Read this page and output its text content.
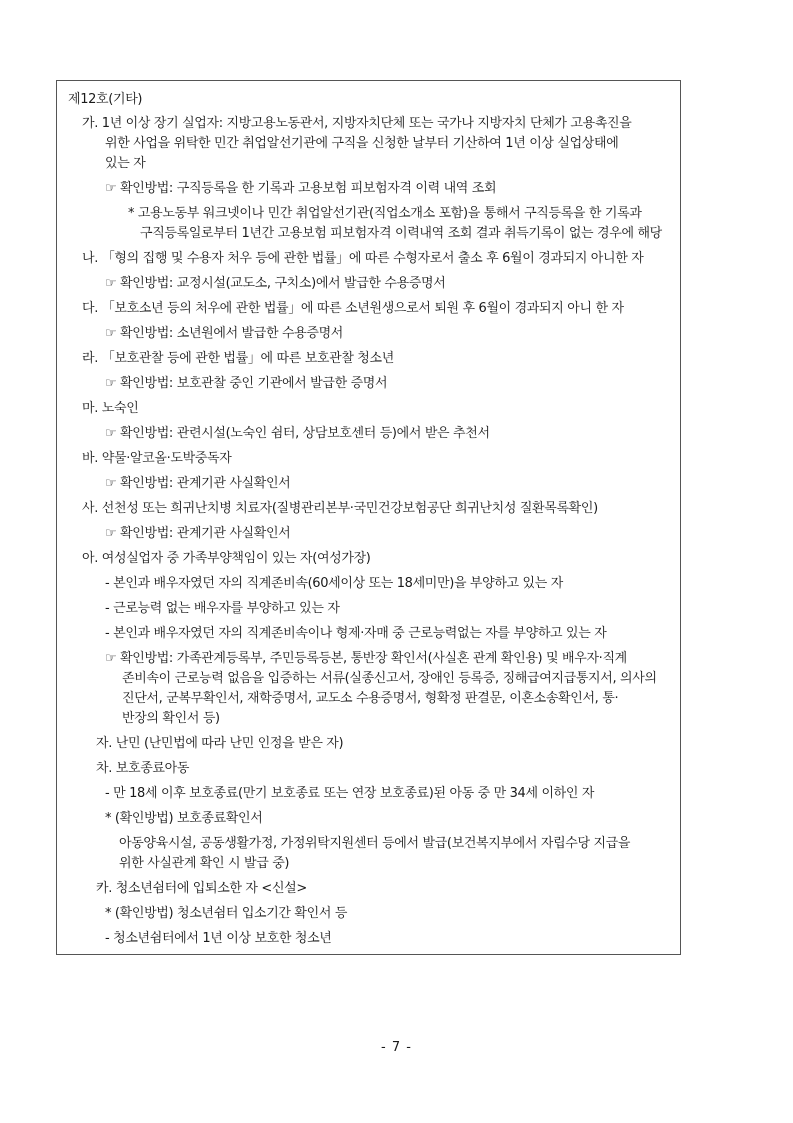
제12호(기타)
가. 1년 이상 장기 실업자: 지방고용노동관서, 지방자치단체 또는 국가나 지방자치 단체가 고용촉진을
위한 사업을 위탁한 민간 취업알선기관에 구직을 신청한 날부터 기산하여 1년 이상 실업상태에
있는 자
☞ 확인방법: 구직등록을 한 기록과 고용보험 피보험자격 이력 내역 조회
* 고용노동부 워크넷이나 민간 취업알선기관(직업소개소 포함)을 통해서 구직등록을 한 기록과
구직등록일로부터 1년간 고용보험 피보험자격 이력내역 조회 결과 취득기록이 없는 경우에 해당
나. 「형의 집행 및 수용자 처우 등에 관한 법률」에 따른 수형자로서 출소 후 6월이 경과되지 아니한 자
☞ 확인방법: 교정시설(교도소, 구치소)에서 발급한 수용증명서
다. 「보호소년 등의 처우에 관한 법률」에 따른 소년원생으로서 퇴원 후 6월이 경과되지 아니 한 자
☞ 확인방법: 소년원에서 발급한 수용증명서
라. 「보호관찰 등에 관한 법률」에 따른 보호관찰 청소년
☞ 확인방법: 보호관찰 중인 기관에서 발급한 증명서
마. 노숙인
☞ 확인방법: 관련시설(노숙인 쉼터, 상담보호센터 등)에서 받은 추천서
바. 약물·알코올·도박중독자
☞ 확인방법: 관계기관 사실확인서
사. 선천성 또는 희귀난치병 치료자(질병관리본부·국민건강보험공단 희귀난치성 질환목록확인)
☞ 확인방법: 관계기관 사실확인서
아. 여성실업자 중 가족부양책임이 있는 자(여성가장)
- 본인과 배우자였던 자의 직계존비속(60세이상 또는 18세미만)을 부양하고 있는 자
- 근로능력 없는 배우자를 부양하고 있는 자
- 본인과 배우자였던 자의 직계존비속이나 형제·자매 중 근로능력없는 자를 부양하고 있는 자
☞ 확인방법: 가족관계등록부, 주민등록등본, 통반장 확인서(사실혼 관계 확인용) 및 배우자·직계
존비속이 근로능력 없음을 입증하는 서류(실종신고서, 장애인 등록증, 징해급여지급통지서, 의사의
진단서, 군복무확인서, 재학증명서, 교도소 수용증명서, 형확정 판결문, 이혼소송확인서, 통·
반장의 확인서 등)
자. 난민 (난민법에 따라 난민 인정을 받은 자)
차. 보호종료아동
- 만 18세 이후 보호종료(만기 보호종료 또는 연장 보호종료)된 아동 중 만 34세 이하인 자
* (확인방법) 보호종료확인서
아동양육시설, 공동생활가정, 가정위탁지원센터 등에서 발급(보건복지부에서 자립수당 지급을
위한 사실관계 확인 시 발급 중)
카. 청소년쉼터에 입퇴소한 자 <신설>
* (확인방법) 청소년쉼터 입소기간 확인서 등
- 청소년쉼터에서 1년 이상 보호한 청소년
- 7 -
